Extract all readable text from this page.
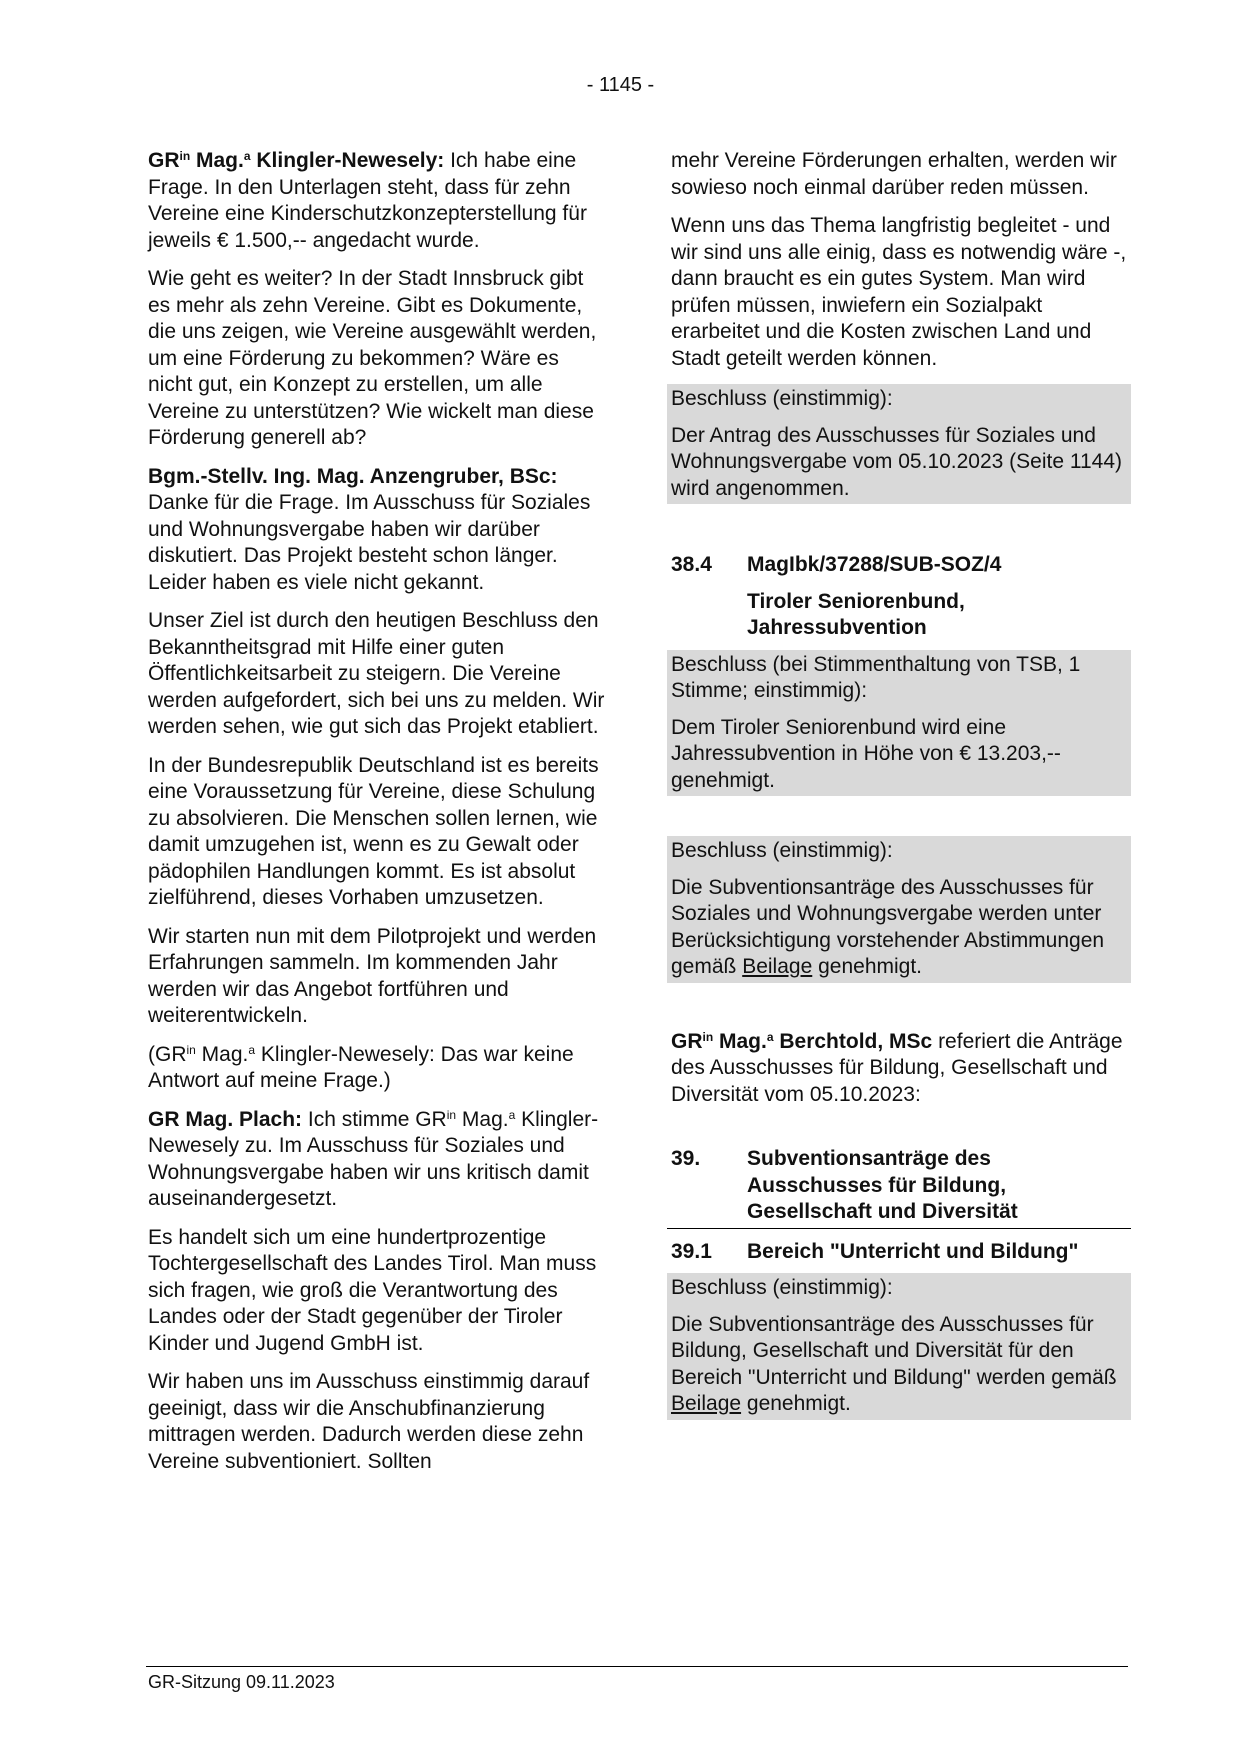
- 1145 -

$GR^{in}$ Mag.$^a$ Klingler-Newesely: Ich habe eine Frage. In den Unterlagen steht, dass für zehn Vereine eine Kinderschutzkonzepterstellung für jeweils € 1.500,-- angedacht wurde.

Wie geht es weiter? In der Stadt Innsbruck gibt es mehr als zehn Vereine. Gibt es Dokumente, die uns zeigen, wie Vereine ausgewählt werden, um eine Förderung zu bekommen? Wäre es nicht gut, ein Konzept zu erstellen, um alle Vereine zu unterstützen? Wie wickelt man diese Förderung generell ab?

Bgm.-Stellv. Ing. Mag. Anzengruber, BSc: Danke für die Frage. Im Ausschuss für Soziales und Wohnungsvergabe haben wir darüber diskutiert. Das Projekt besteht schon länger. Leider haben es viele nicht gekannt.

Unser Ziel ist durch den heutigen Beschluss den Bekanntheitsgrad mit Hilfe einer guten Öffentlichkeitsarbeit zu steigern. Die Vereine werden aufgefordert, sich bei uns zu melden. Wir werden sehen, wie gut sich das Projekt etabliert.

In der Bundesrepublik Deutschland ist es bereits eine Voraussetzung für Vereine, diese Schulung zu absolvieren. Die Menschen sollen lernen, wie damit umzugehen ist, wenn es zu Gewalt oder pädophilen Handlungen kommt. Es ist absolut zielführend, dieses Vorhaben umzusetzen.

Wir starten nun mit dem Pilotprojekt und werden Erfahrungen sammeln. Im kommenden Jahr werden wir das Angebot fortführen und weiterentwickeln.

($GR^{in}$ Mag.$^a$ Klingler-Newesely: Das war keine Antwort auf meine Frage.)

GR Mag. Plach: Ich stimme $GR^{in}$ Mag.$^a$ Klingler-Newesely zu. Im Ausschuss für Soziales und Wohnungsvergabe haben wir uns kritisch damit auseinandergesetzt.

Es handelt sich um eine hundertprozentige Tochtergesellschaft des Landes Tirol. Man muss sich fragen, wie groß die Verantwortung des Landes oder der Stadt gegenüber der Tiroler Kinder und Jugend GmbH ist.

Wir haben uns im Ausschuss einstimmig darauf geeinigt, dass wir die Anschubfinanzierung mittragen werden. Dadurch werden diese zehn Vereine subventioniert. Sollten

mehr Vereine Förderungen erhalten, werden wir sowieso noch einmal darüber reden müssen.

Wenn uns das Thema langfristig begleitet - und wir sind uns alle einig, dass es notwendig wäre -, dann braucht es ein gutes System. Man wird prüfen müssen, inwiefern ein Sozialpakt erarbeitet und die Kosten zwischen Land und Stadt geteilt werden können.

Beschluss (einstimmig):

Der Antrag des Ausschusses für Soziales und Wohnungsvergabe vom 05.10.2023 (Seite 1144) wird angenommen.

38.4	MagIbk/37288/SUB-SOZ/4
Tiroler Seniorenbund, Jahressubvention

Beschluss (bei Stimmenthaltung von TSB, 1 Stimme; einstimmig):

Dem Tiroler Seniorenbund wird eine Jahressubvention in Höhe von € 13.203,-- genehmigt.

Beschluss (einstimmig):

Die Subventionsanträge des Ausschusses für Soziales und Wohnungsvergabe werden unter Berücksichtigung vorstehender Abstimmungen gemäß Beilage genehmigt.

$GR^{in}$ Mag.$^a$ Berchtold, MSc referiert die Anträge des Ausschusses für Bildung, Gesellschaft und Diversität vom 05.10.2023:

39.	Subventionsanträge des Ausschusses für Bildung, Gesellschaft und Diversität
39.1	Bereich "Unterricht und Bildung"

Beschluss (einstimmig):

Die Subventionsanträge des Ausschusses für Bildung, Gesellschaft und Diversität für den Bereich "Unterricht und Bildung" werden gemäß Beilage genehmigt.

GR-Sitzung 09.11.2023
